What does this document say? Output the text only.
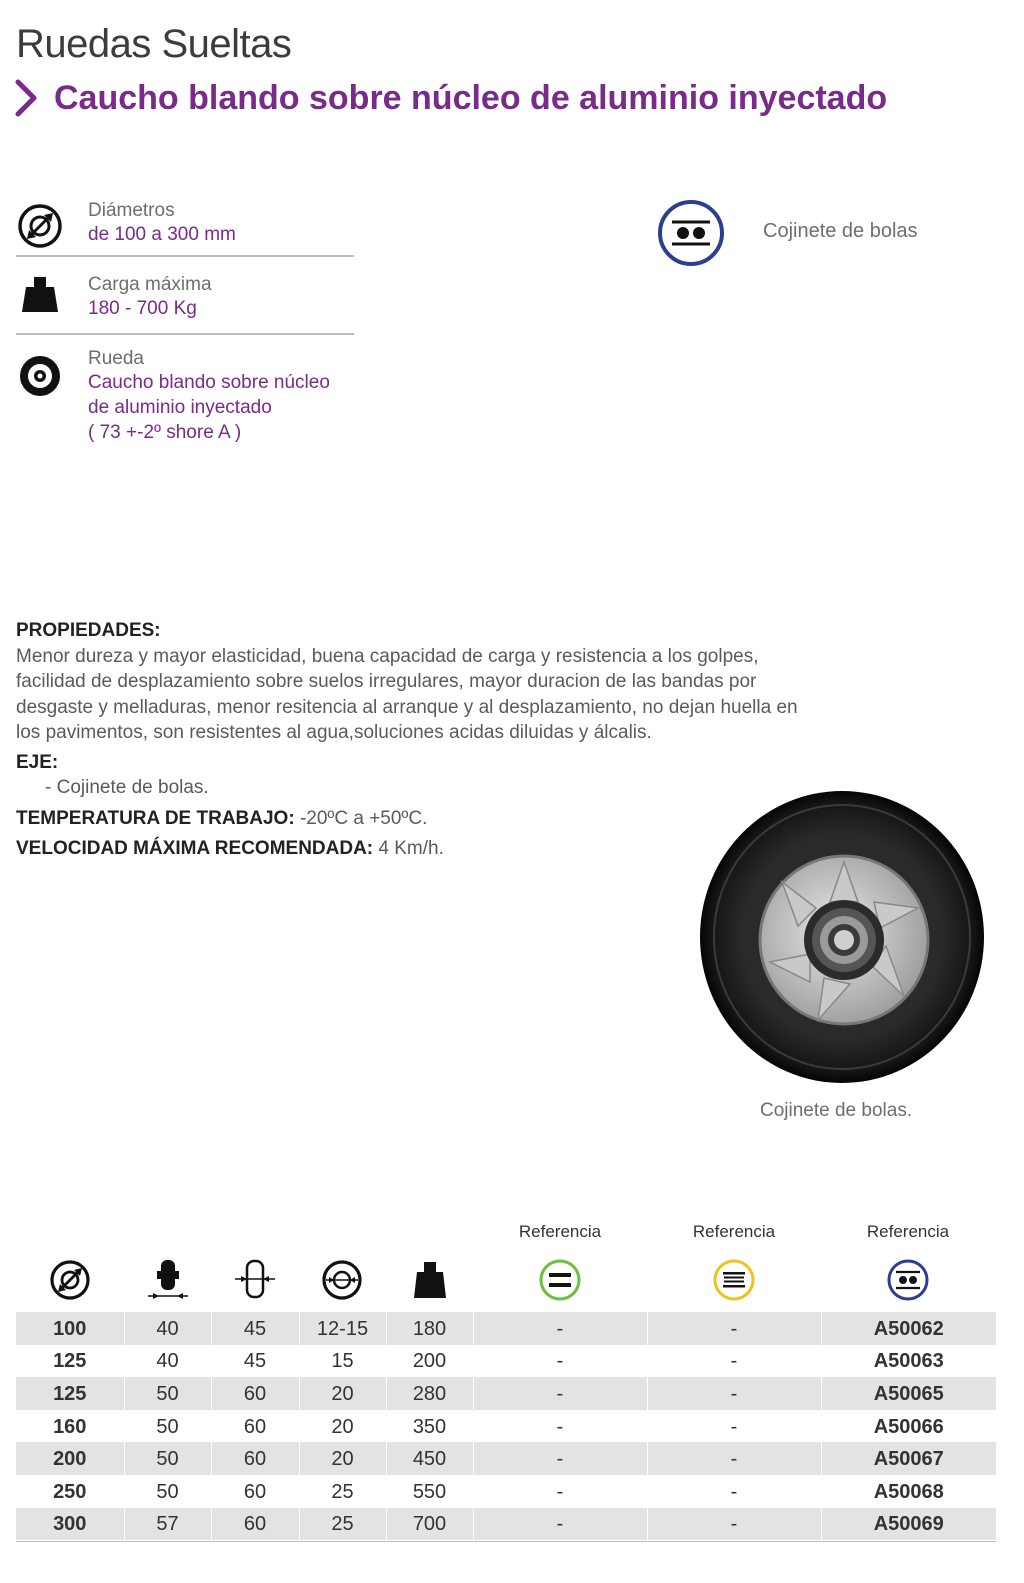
Ruedas Sueltas
Caucho blando sobre núcleo de aluminio inyectado
Diámetros
de 100 a 300 mm
Carga máxima
180 - 700 Kg
Rueda
Caucho blando sobre núcleo
de aluminio inyectado
( 73 +-2º shore A )
Cojinete de bolas
PROPIEDADES:
Menor dureza y mayor elasticidad, buena capacidad de carga y resistencia a los golpes, facilidad de desplazamiento sobre suelos irregulares, mayor duracion de las bandas por desgaste y melladuras, menor resitencia al arranque y al desplazamiento, no dejan huella en los pavimentos, son resistentes al agua,soluciones acidas diluidas y álcalis.
EJE:
- Cojinete de bolas.
TEMPERATURA DE TRABAJO: -20ºC a +50ºC.
VELOCIDAD MÁXIMA RECOMENDADA: 4 Km/h.
Cojinete de bolas.
Referencia	Referencia	Referencia
100	40	45	12-15	180	-	-	A50062
125	40	45	15	200	-	-	A50063
125	50	60	20	280	-	-	A50065
160	50	60	20	350	-	-	A50066
200	50	60	20	450	-	-	A50067
250	50	60	25	550	-	-	A50068
300	57	60	25	700	-	-	A50069
